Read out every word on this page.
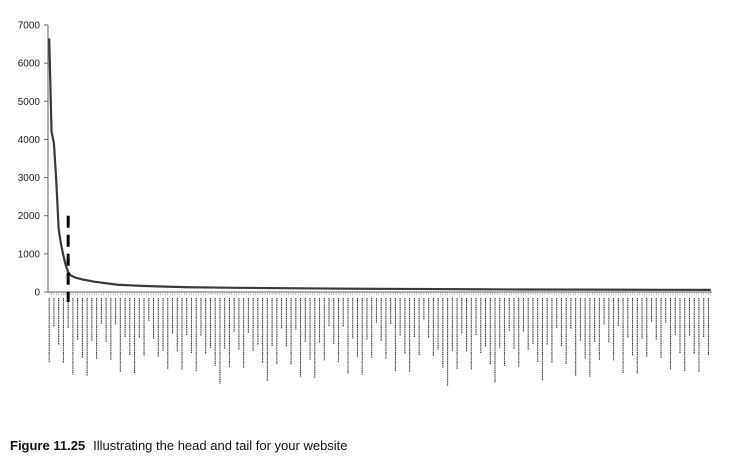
0
1000
2000
3000
4000
5000
6000
7000
Figure 11.25 Illustrating the head and tail for your website
